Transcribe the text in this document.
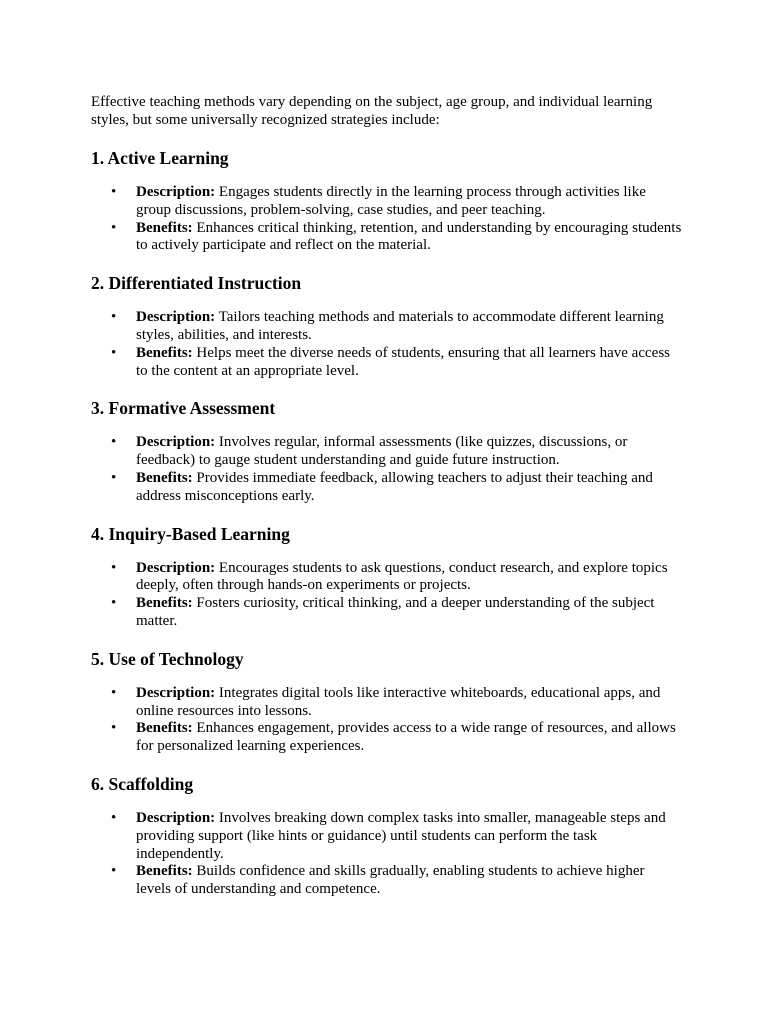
Effective teaching methods vary depending on the subject, age group, and individual learning styles, but some universally recognized strategies include:

1. Active Learning
• Description: Engages students directly in the learning process through activities like group discussions, problem-solving, case studies, and peer teaching.
• Benefits: Enhances critical thinking, retention, and understanding by encouraging students to actively participate and reflect on the material.
2. Differentiated Instruction
• Description: Tailors teaching methods and materials to accommodate different learning styles, abilities, and interests.
• Benefits: Helps meet the diverse needs of students, ensuring that all learners have access to the content at an appropriate level.
3. Formative Assessment
• Description: Involves regular, informal assessments (like quizzes, discussions, or feedback) to gauge student understanding and guide future instruction.
• Benefits: Provides immediate feedback, allowing teachers to adjust their teaching and address misconceptions early.
4. Inquiry-Based Learning
• Description: Encourages students to ask questions, conduct research, and explore topics deeply, often through hands-on experiments or projects.
• Benefits: Fosters curiosity, critical thinking, and a deeper understanding of the subject matter.
5. Use of Technology
• Description: Integrates digital tools like interactive whiteboards, educational apps, and online resources into lessons.
• Benefits: Enhances engagement, provides access to a wide range of resources, and allows for personalized learning experiences.
6. Scaffolding
• Description: Involves breaking down complex tasks into smaller, manageable steps and providing support (like hints or guidance) until students can perform the task independently.
• Benefits: Builds confidence and skills gradually, enabling students to achieve higher levels of understanding and competence.
